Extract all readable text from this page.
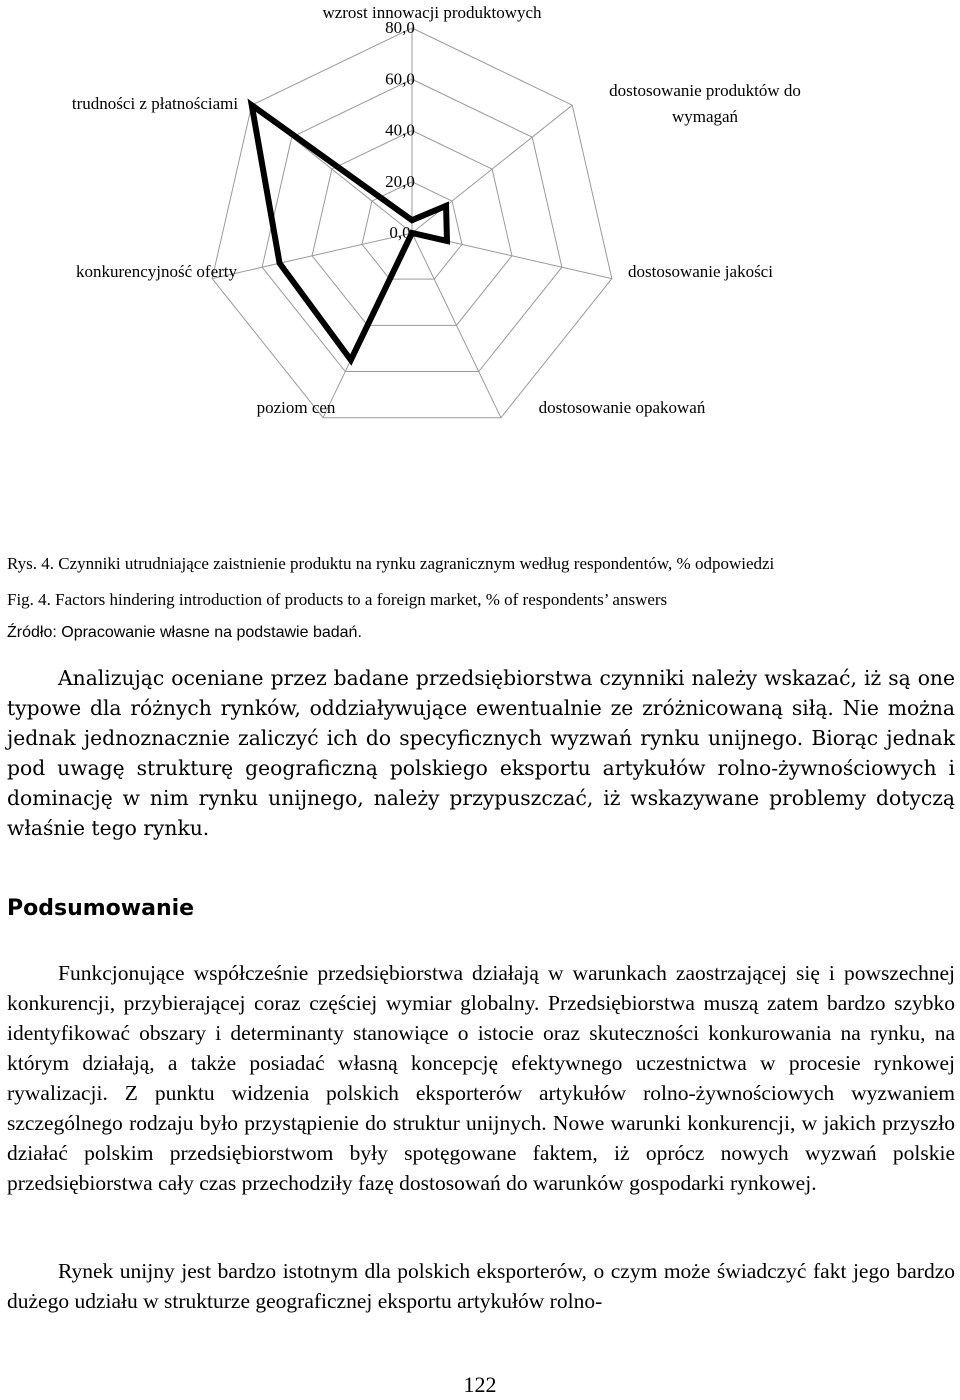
0,0
20,0
40,0
60,0
80,0
wzrost innowacji produktowych
dostosowanie produktów do
wymagań
dostosowanie jakości
dostosowanie opakowań
poziom cen
konkurencyjność oferty
trudności z płatnościami
Rys. 4. Czynniki utrudniające zaistnienie produktu na rynku zagranicznym według respondentów, % odpowiedzi
Fig. 4. Factors hindering introduction of products to a foreign market, % of respondents’ answers
Źródło: Opracowanie własne na podstawie badań.

Analizując oceniane przez badane przedsiębiorstwa czynniki należy wskazać, iż są one typowe dla różnych rynków, oddziaływujące ewentualnie ze zróżnicowaną siłą. Nie można jednak jednoznacznie zaliczyć ich do specyficznych wyzwań rynku unijnego. Biorąc jednak pod uwagę strukturę geograficzną polskiego eksportu artykułów rolno-żywnościowych i dominację w nim rynku unijnego, należy przypuszczać, iż wskazywane problemy dotyczą właśnie tego rynku.

Podsumowanie

Funkcjonujące współcześnie przedsiębiorstwa działają w warunkach zaostrzającej się i powszechnej konkurencji, przybierającej coraz częściej wymiar globalny. Przedsiębiorstwa muszą zatem bardzo szybko identyfikować obszary i determinanty stanowiące o istocie oraz skuteczności konkurowania na rynku, na którym działają, a także posiadać własną koncepcję efektywnego uczestnictwa w procesie rynkowej rywalizacji. Z punktu widzenia polskich eksporterów artykułów rolno-żywnościowych wyzwaniem szczególnego rodzaju było przystąpienie do struktur unijnych. Nowe warunki konkurencji, w jakich przyszło działać polskim przedsiębiorstwom były spotęgowane faktem, iż oprócz nowych wyzwań polskie przedsiębiorstwa cały czas przechodziły fazę dostosowań do warunków gospodarki rynkowej.

Rynek unijny jest bardzo istotnym dla polskich eksporterów, o czym może świadczyć fakt jego bardzo dużego udziału w strukturze geograficznej eksportu artykułów rolno-

122
